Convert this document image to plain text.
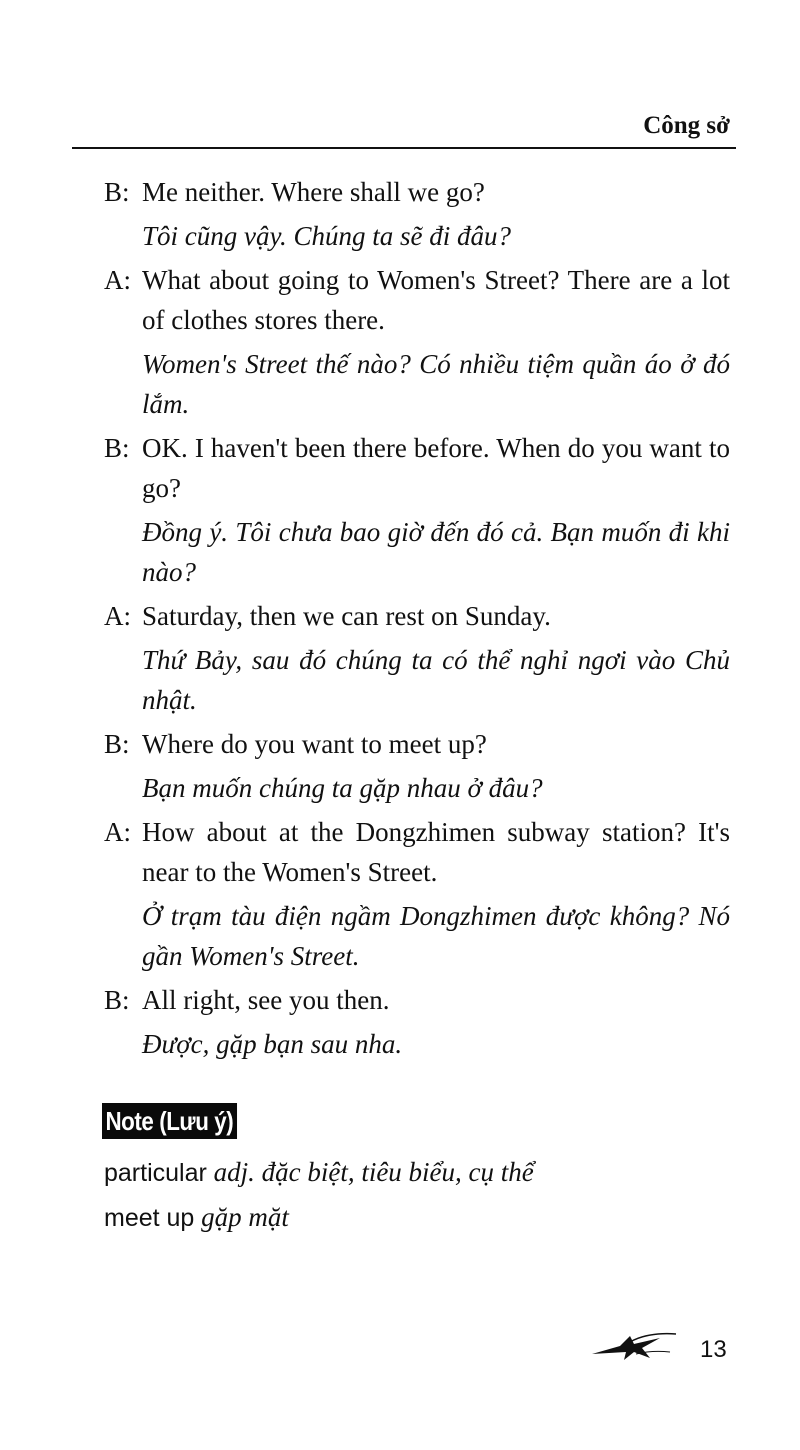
Công sở
B: Me neither. Where shall we go?
Tôi cũng vậy. Chúng ta sẽ đi đâu?
A: What about going to Women's Street? There are a lot of clothes stores there.
Women's Street thế nào? Có nhiều tiệm quần áo ở đó lắm.
B: OK. I haven't been there before. When do you want to go?
Đồng ý. Tôi chưa bao giờ đến đó cả. Bạn muốn đi khi nào?
A: Saturday, then we can rest on Sunday.
Thứ Bảy, sau đó chúng ta có thể nghỉ ngơi vào Chủ nhật.
B: Where do you want to meet up?
Bạn muốn chúng ta gặp nhau ở đâu?
A: How about at the Dongzhimen subway station? It's near to the Women's Street.
Ở trạm tàu điện ngầm Dongzhimen được không? Nó gần Women's Street.
B: All right, see you then.
Được, gặp bạn sau nha.
Note (Lưu ý)
particular adj. đặc biệt, tiêu biểu, cụ thể
meet up gặp mặt
13
